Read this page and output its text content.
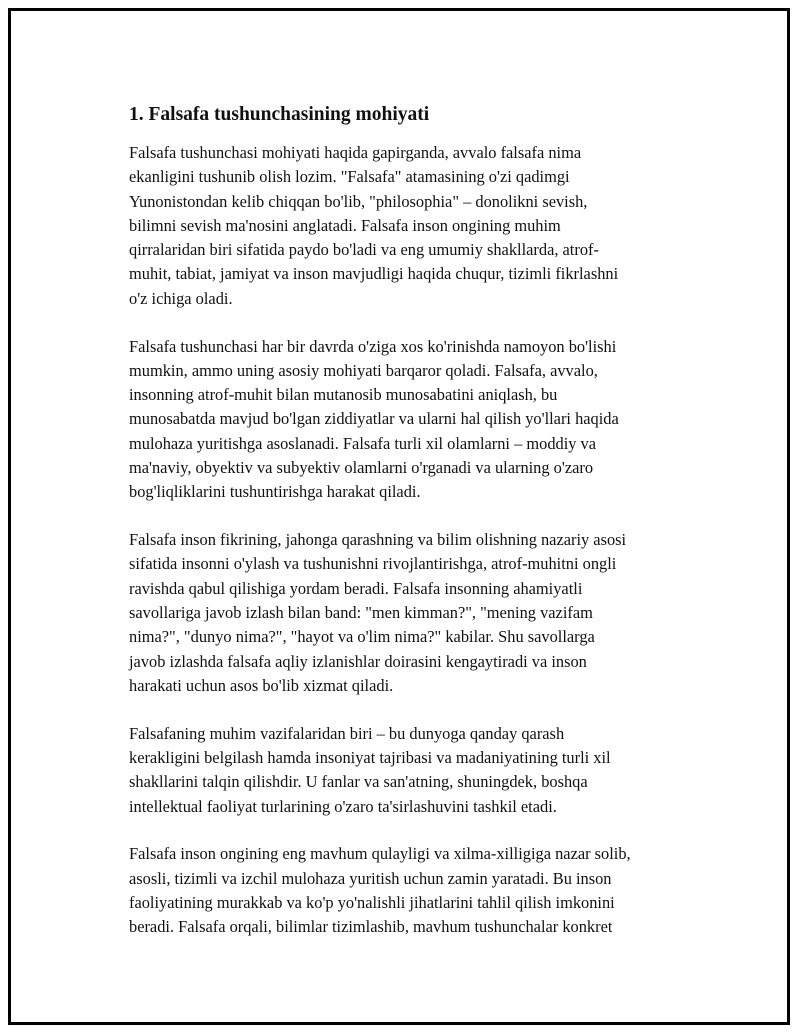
1. Falsafa tushunchasining mohiyati

Falsafa tushunchasi mohiyati haqida gapirganda, avvalo falsafa nima
ekanligini tushunib olish lozim. "Falsafa" atamasining o'zi qadimgi
Yunonistondan kelib chiqqan bo'lib, "philosophia" – donolikni sevish,
bilimni sevish ma'nosini anglatadi. Falsafa inson ongining muhim
qirralaridan biri sifatida paydo bo'ladi va eng umumiy shakllarda, atrof-
muhit, tabiat, jamiyat va inson mavjudligi haqida chuqur, tizimli fikrlashni
o'z ichiga oladi.

Falsafa tushunchasi har bir davrda o'ziga xos ko'rinishda namoyon bo'lishi
mumkin, ammo uning asosiy mohiyati barqaror qoladi. Falsafa, avvalo,
insonning atrof-muhit bilan mutanosib munosabatini aniqlash, bu
munosabatda mavjud bo'lgan ziddiyatlar va ularni hal qilish yo'llari haqida
mulohaza yuritishga asoslanadi. Falsafa turli xil olamlarni – moddiy va
ma'naviy, obyektiv va subyektiv olamlarni o'rganadi va ularning o'zaro
bog'liqliklarini tushuntirishga harakat qiladi.

Falsafa inson fikrining, jahonga qarashning va bilim olishning nazariy asosi
sifatida insonni o'ylash va tushunishni rivojlantirishga, atrof-muhitni ongli
ravishda qabul qilishiga yordam beradi. Falsafa insonning ahamiyatli
savollariga javob izlash bilan band: "men kimman?", "mening vazifam
nima?", "dunyo nima?", "hayot va o'lim nima?" kabilar. Shu savollarga
javob izlashda falsafa aqliy izlanishlar doirasini kengaytiradi va inson
harakati uchun asos bo'lib xizmat qiladi.

Falsafaning muhim vazifalaridan biri – bu dunyoga qanday qarash
kerakligini belgilash hamda insoniyat tajribasi va madaniyatining turli xil
shakllarini talqin qilishdir. U fanlar va san'atning, shuningdek, boshqa
intellektual faoliyat turlarining o'zaro ta'sirlashuvini tashkil etadi.

Falsafa inson ongining eng mavhum qulayligi va xilma-xilligiga nazar solib,
asosli, tizimli va izchil mulohaza yuritish uchun zamin yaratadi. Bu inson
faoliyatining murakkab va ko'p yo'nalishli jihatlarini tahlil qilish imkonini
beradi. Falsafa orqali, bilimlar tizimlashib, mavhum tushunchalar konkret
